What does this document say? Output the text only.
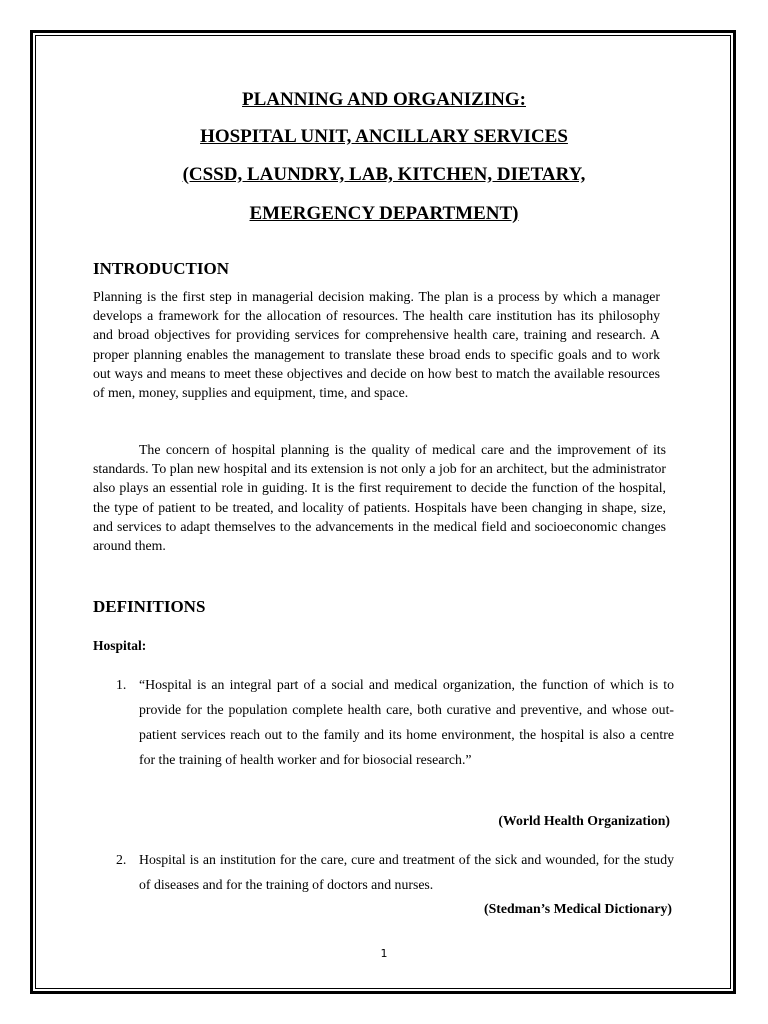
PLANNING AND ORGANIZING:
HOSPITAL UNIT, ANCILLARY SERVICES
(CSSD, LAUNDRY, LAB, KITCHEN, DIETARY,
EMERGENCY DEPARTMENT)
INTRODUCTION

Planning is the first step in managerial decision making. The plan is a process by which a manager develops a framework for the allocation of resources. The health care institution has its philosophy and broad objectives for providing services for comprehensive health care, training and research. A proper planning enables the management to translate these broad ends to specific goals and to work out ways and means to meet these objectives and decide on how best to match the available resources of men, money, supplies and equipment, time, and space.

The concern of hospital planning is the quality of medical care and the improvement of its standards. To plan new hospital and its extension is not only a job for an architect, but the administrator also plays an essential role in guiding. It is the first requirement to decide the function of the hospital, the type of patient to be treated, and locality of patients. Hospitals have been changing in shape, size, and services to adapt themselves to the advancements in the medical field and socioeconomic changes around them.

DEFINITIONS
Hospital:
1. “Hospital is an integral part of a social and medical organization, the function of which is to provide for the population complete health care, both curative and preventive, and whose out-patient services reach out to the family and its home environment, the hospital is also a centre for the training of health worker and for biosocial research.”

(World Health Organization)
2. Hospital is an institution for the care, cure and treatment of the sick and wounded, for the study of diseases and for the training of doctors and nurses.

(Stedman’s Medical Dictionary)
1
